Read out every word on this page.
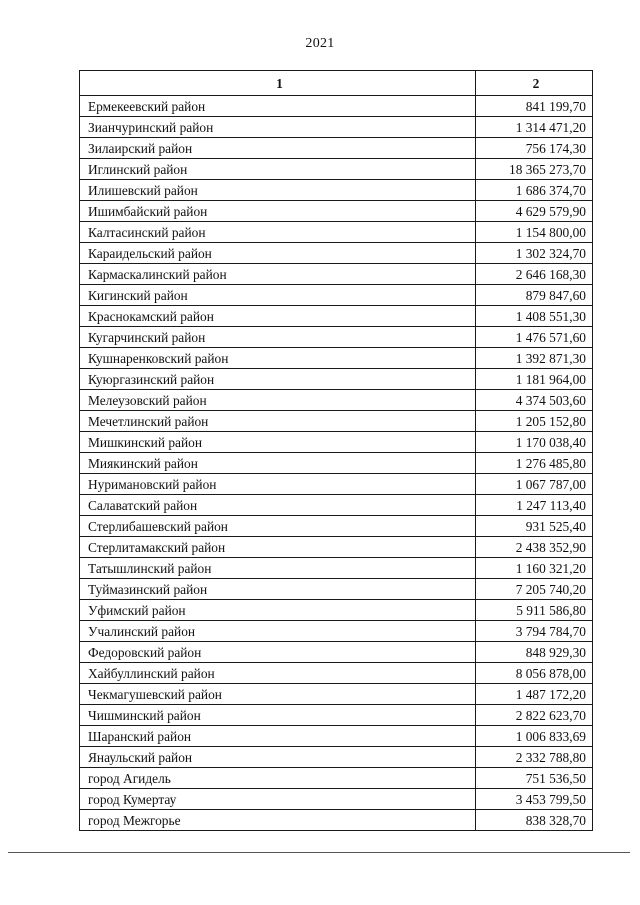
2021
1	2
Ермекеевский район	841 199,70
Зианчуринский район	1 314 471,20
Зилаирский район	756 174,30
Иглинский район	18 365 273,70
Илишевский район	1 686 374,70
Ишимбайский район	4 629 579,90
Калтасинский район	1 154 800,00
Караидельский район	1 302 324,70
Кармаскалинский район	2 646 168,30
Кигинский район	879 847,60
Краснокамский район	1 408 551,30
Кугарчинский район	1 476 571,60
Кушнаренковский район	1 392 871,30
Куюргазинский район	1 181 964,00
Мелеузовский район	4 374 503,60
Мечетлинский район	1 205 152,80
Мишкинский район	1 170 038,40
Миякинский район	1 276 485,80
Нуримановский район	1 067 787,00
Салаватский район	1 247 113,40
Стерлибашевский район	931 525,40
Стерлитамакский район	2 438 352,90
Татышлинский район	1 160 321,20
Туймазинский район	7 205 740,20
Уфимский район	5 911 586,80
Учалинский район	3 794 784,70
Федоровский район	848 929,30
Хайбуллинский район	8 056 878,00
Чекмагушевский район	1 487 172,20
Чишминский район	2 822 623,70
Шаранский район	1 006 833,69
Янаульский район	2 332 788,80
город Агидель	751 536,50
город Кумертау	3 453 799,50
город Межгорье	838 328,70
